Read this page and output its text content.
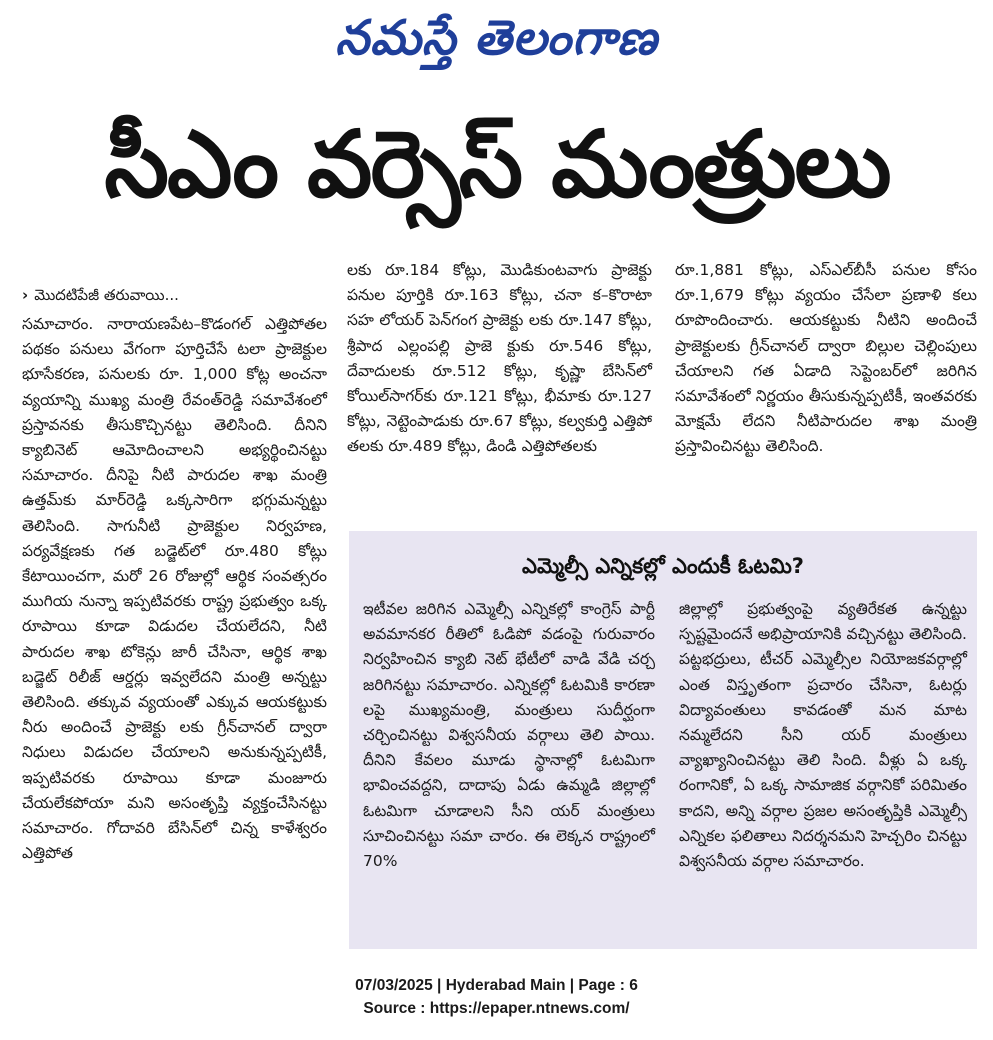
నమస్తే తెలంగాణ
సీఎం వర్సెస్ మంత్రులు
› మొదటిపేజీ తరువాయి...

సమాచారం. నారాయణపేట–కొడంగల్ ఎత్తిపోతల పథకం పనులు వేగంగా పూర్తిచేసే టలా ప్రాజెక్టుల భూసేకరణ, పనులకు రూ. 1,000 కోట్ల అంచనా వ్యయాన్ని ముఖ్య మంత్రి రేవంత్‌రెడ్డి సమావేశంలో ప్రస్తావనకు తీసుకొచ్చినట్టు తెలిసింది. దీనిని క్యాబినెట్ ఆమోదించాలని అభ్యర్థించినట్టు సమాచారం. దీనిపై నీటి పారుదల శాఖ మంత్రి ఉత్తమ్‌కు మార్‌రెడ్డి ఒక్కసారిగా భగ్గుమన్నట్టు తెలిసింది. సాగునీటి ప్రాజెక్టుల నిర్వహణ, పర్యవేక్షణకు గత బడ్జెట్‌లో రూ.480 కోట్లు కేటాయించగా, మరో 26 రోజుల్లో ఆర్థిక సంవత్సరం ముగియ నున్నా ఇప్పటివరకు రాష్ట్ర ప్రభుత్వం ఒక్క రూపాయి కూడా విడుదల చేయలేదని, నీటి పారుదల శాఖ టోకెన్లు జారీ చేసినా, ఆర్థిక శాఖ బడ్జెట్ రిలీజ్ ఆర్డర్లు ఇవ్వలేదని మంత్రి అన్నట్టు తెలిసింది. తక్కువ వ్యయంతో ఎక్కువ ఆయకట్టుకు నీరు అందించే ప్రాజెక్టు లకు గ్రీన్‌చానల్ ద్వారా నిధులు విడుదల చేయాలని అనుకున్నప్పటికీ, ఇప్పటివరకు రూపాయి కూడా మంజూరు చేయలేకపోయా మని అసంతృప్తి వ్యక్తంచేసినట్టు సమాచారం. గోదావరి బేసిన్‌లో చిన్న కాళేశ్వరం ఎత్తిపోత

లకు రూ.184 కోట్లు, మొడికుంటవాగు ప్రాజెక్టు పనుల పూర్తికి రూ.163 కోట్లు, చనా క–కొరాటా సహ లోయర్ పెన్‌గంగ ప్రాజెక్టు లకు రూ.147 కోట్లు, శ్రీపాద ఎల్లంపల్లి ప్రాజె క్టుకు రూ.546 కోట్లు, దేవాదులకు రూ.512 కోట్లు, కృష్ణా బేసిన్‌లో కోయిల్‌సాగర్‌కు రూ.121 కోట్లు, భీమాకు రూ.127 కోట్లు, నెట్టెంపాడుకు రూ.67 కోట్లు, కల్వకుర్తి ఎత్తిపో తలకు రూ.489 కోట్లు, డిండి ఎత్తిపోతలకు

రూ.1,881 కోట్లు, ఎస్‌ఎల్‌బీసీ పనుల కోసం రూ.1,679 కోట్లు వ్యయం చేసేలా ప్రణాళి కలు రూపొందించారు. ఆయకట్టుకు నీటిని అందించే ప్రాజెక్టులకు గ్రీన్‌చానల్ ద్వారా బిల్లుల చెల్లింపులు చేయాలని గత ఏడాది సెప్టెంబర్‌లో జరిగిన సమావేశంలో నిర్ణయం తీసుకున్నప్పటికీ, ఇంతవరకు మోక్షమే లేదని నీటిపారుదల శాఖ మంత్రి ప్రస్తావించినట్టు తెలిసింది.

ఎమ్మెల్సీ ఎన్నికల్లో ఎందుకీ ఓటమి?

ఇటీవల జరిగిన ఎమ్మెల్సీ ఎన్నికల్లో కాంగ్రెస్ పార్టీ అవమానకర రీతిలో ఓడిపో వడంపై గురువారం నిర్వహించిన క్యాబి నెట్ భేటీలో వాడి వేడి చర్చ జరిగినట్టు సమాచారం. ఎన్నికల్లో ఓటమికి కారణా లపై ముఖ్యమంత్రి, మంత్రులు సుదీర్ఘంగా చర్చించినట్టు విశ్వసనీయ వర్గాలు తెలి పాయి. దీనిని కేవలం మూడు స్థానాల్లో ఓటమిగా భావించవద్దని, దాదాపు ఏడు ఉమ్మడి జిల్లాల్లో ఓటమిగా చూడాలని సీని యర్ మంత్రులు సూచించినట్టు సమా చారం. ఈ లెక్కన రాష్ట్రంలో 70%

జిల్లాల్లో ప్రభుత్వంపై వ్యతిరేకత ఉన్నట్టు స్పష్టమైందనే అభిప్రాయానికి వచ్చినట్టు తెలిసింది. పట్టభద్రులు, టీచర్ ఎమ్మెల్సీల నియోజకవర్గాల్లో ఎంత విస్తృతంగా ప్రచారం చేసినా, ఓటర్లు విద్యావంతులు కావడంతో మన మాట నమ్మలేదని సీని యర్ మంత్రులు వ్యాఖ్యానించినట్టు తెలి సింది. వీళ్లు ఏ ఒక్క రంగానికో, ఏ ఒక్క సామాజిక వర్గానికో పరిమితం కాదని, అన్ని వర్గాల ప్రజల అసంతృప్తికి ఎమ్మెల్సీ ఎన్నికల ఫలితాలు నిదర్శనమని హెచ్చరిం చినట్టు విశ్వసనీయ వర్గాల సమాచారం.

07/03/2025 | Hyderabad Main | Page : 6
Source : https://epaper.ntnews.com/
